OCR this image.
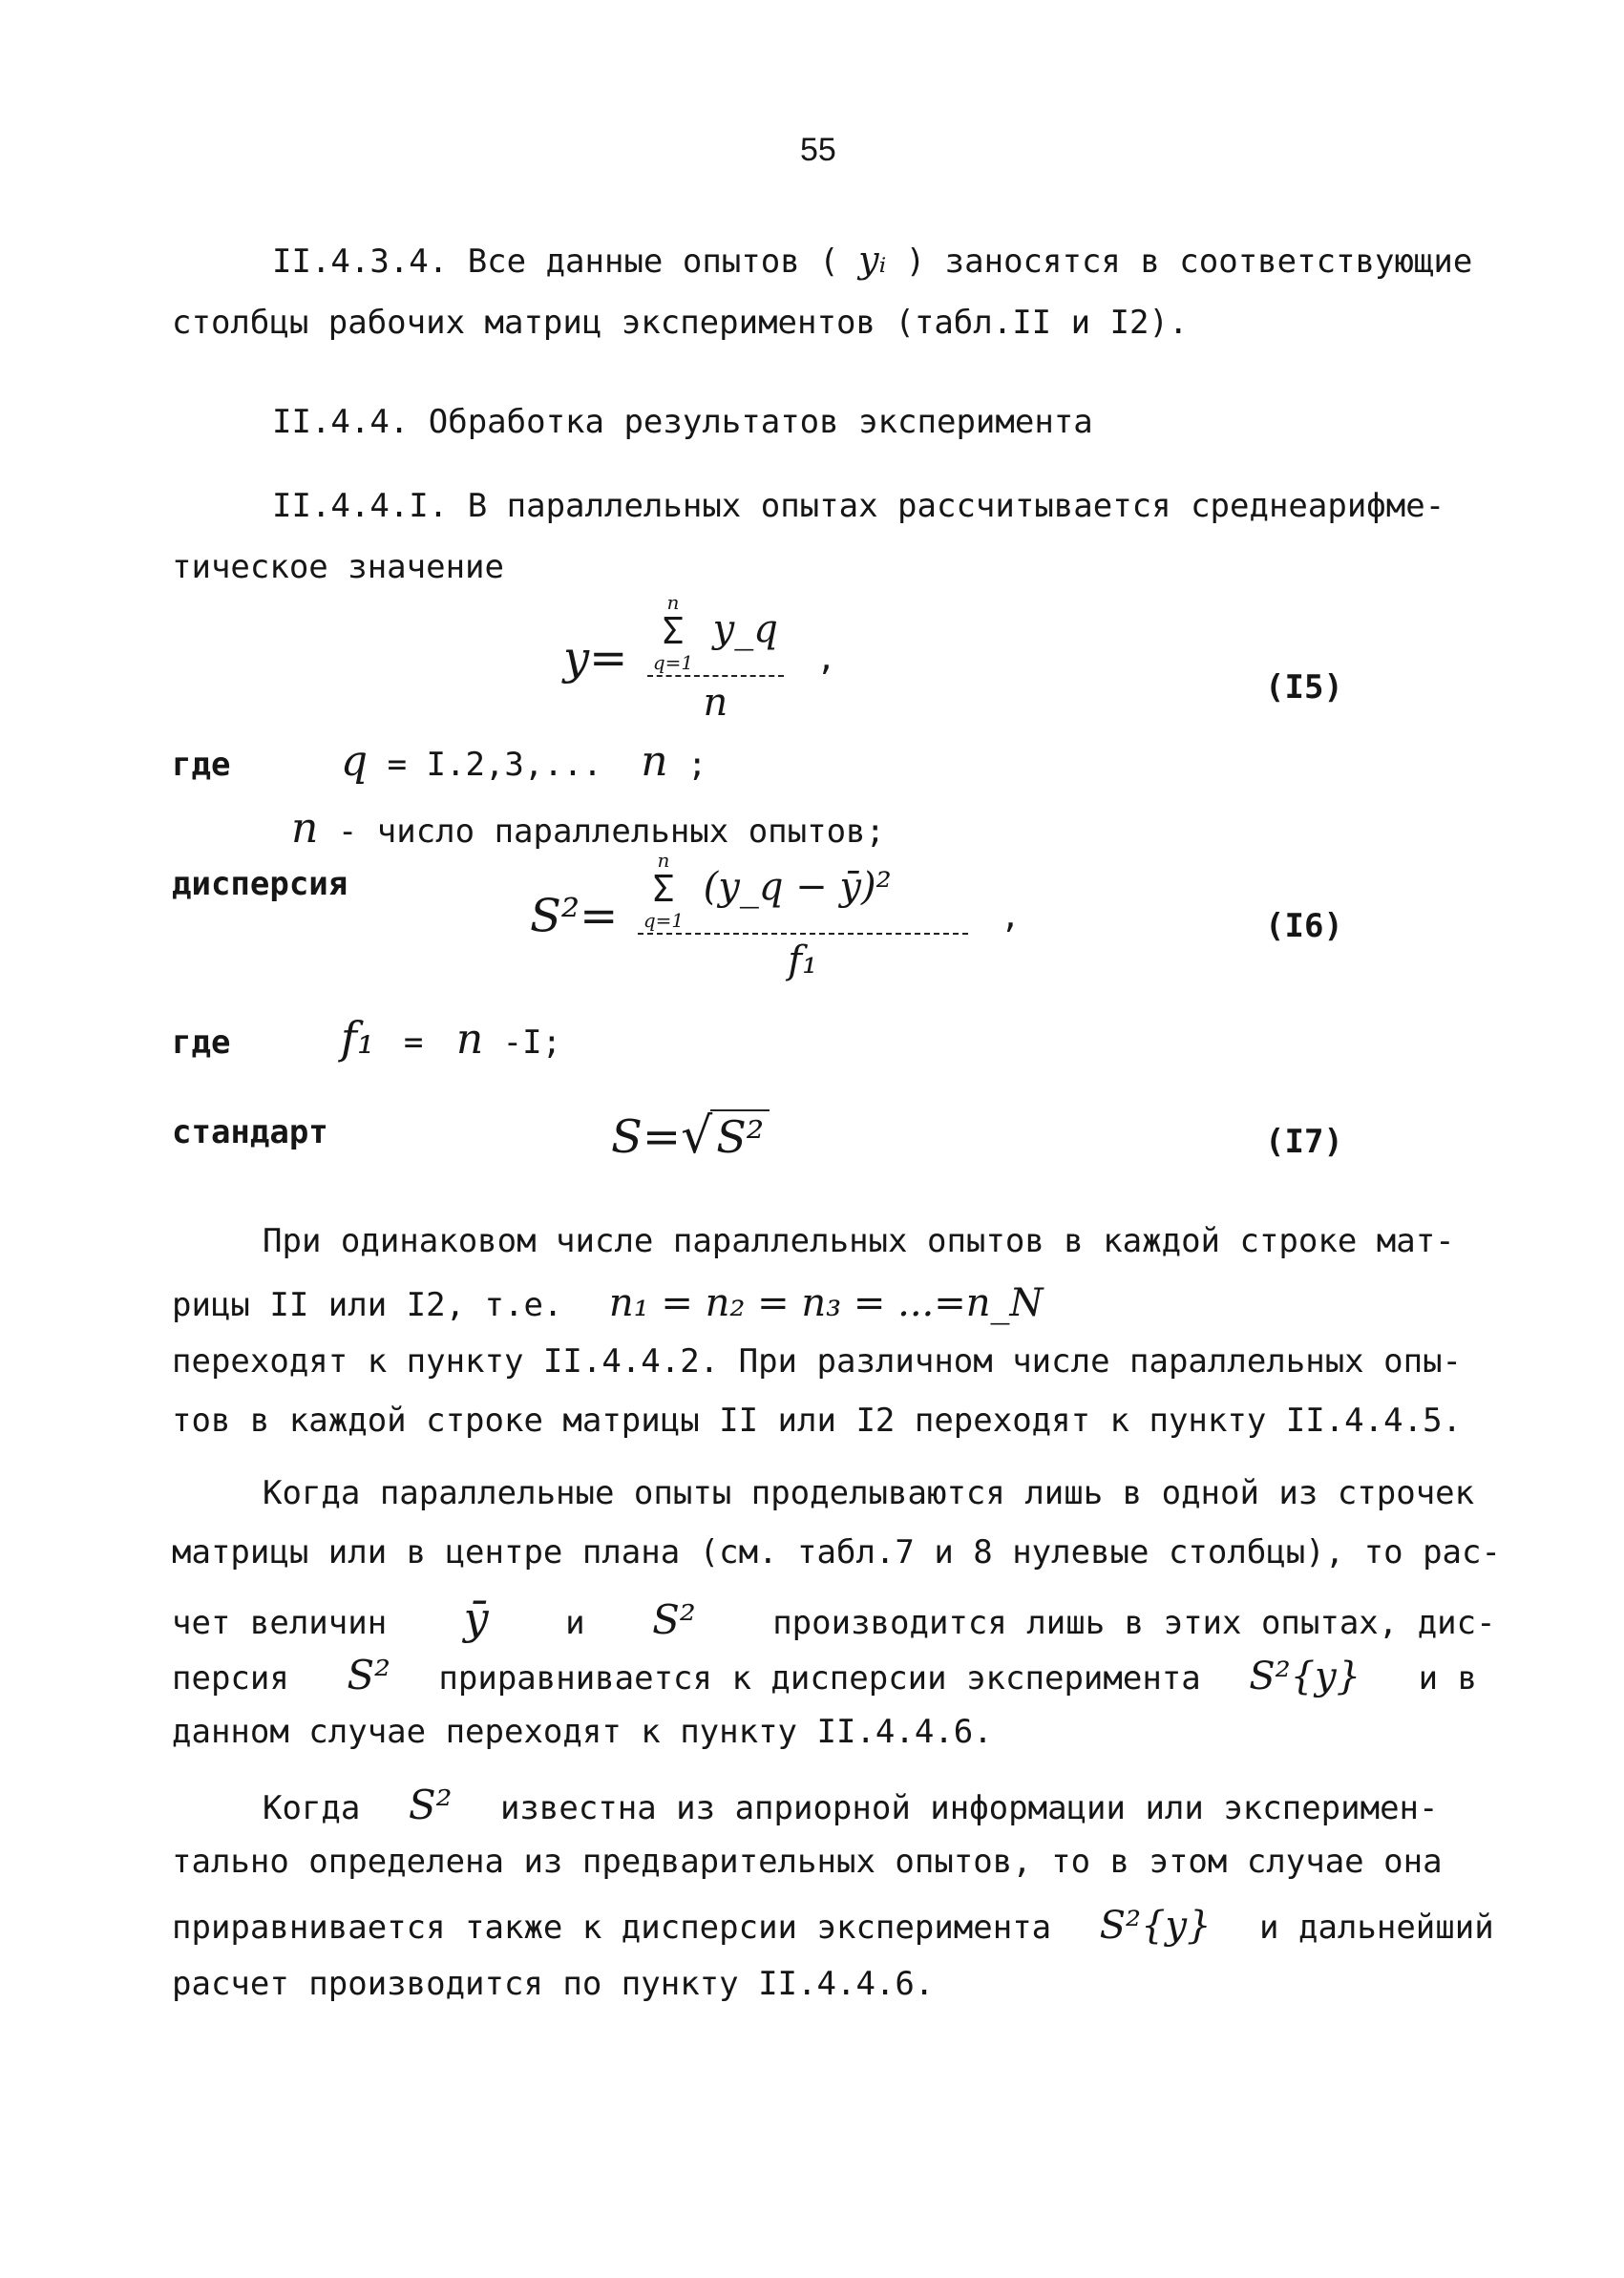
55
II.4.3.4. Все данные опытов ( yᵢ ) заносятся в соответствующие
столбцы рабочих матриц экспериментов (табл.II и I2).
II.4.4. Обработка результатов эксперимента
II.4.4.I. В параллельных опытах рассчитывается среднеарифме-
тическое значение
y= n
Σ
q=1
y_q
n ,
(I5)
где	q = I.2,3,... n ;
n - число параллельных опытов;
дисперсия
S²= n
Σ
q=1
(y_q − ȳ)²
f₁ ,	(I6)
где	f₁ = n -I;
стандарт	S=√S²	(I7)
При одинаковом числе параллельных опытов в каждой строке мат-
рицы II или I2, т.е. n₁ = n₂ = n₃ = ...=n_N
переходят к пункту II.4.4.2. При различном числе параллельных опы-
тов в каждой строке матрицы II или I2 переходят к пункту II.4.4.5.
Когда параллельные опыты проделываются лишь в одной из строчек
матрицы или в центре плана (см. табл.7 и 8 нулевые столбцы), то рас-
чет величин ȳ и S² производится лишь в этих опытах, дис-
персия S² приравнивается к дисперсии эксперимента S²{y} и в
данном случае переходят к пункту II.4.4.6.
Когда S² известна из априорной информации или эксперимен-
тально определена из предварительных опытов, то в этом случае она
приравнивается также к дисперсии эксперимента S²{y} и дальнейший
расчет производится по пункту II.4.4.6.
